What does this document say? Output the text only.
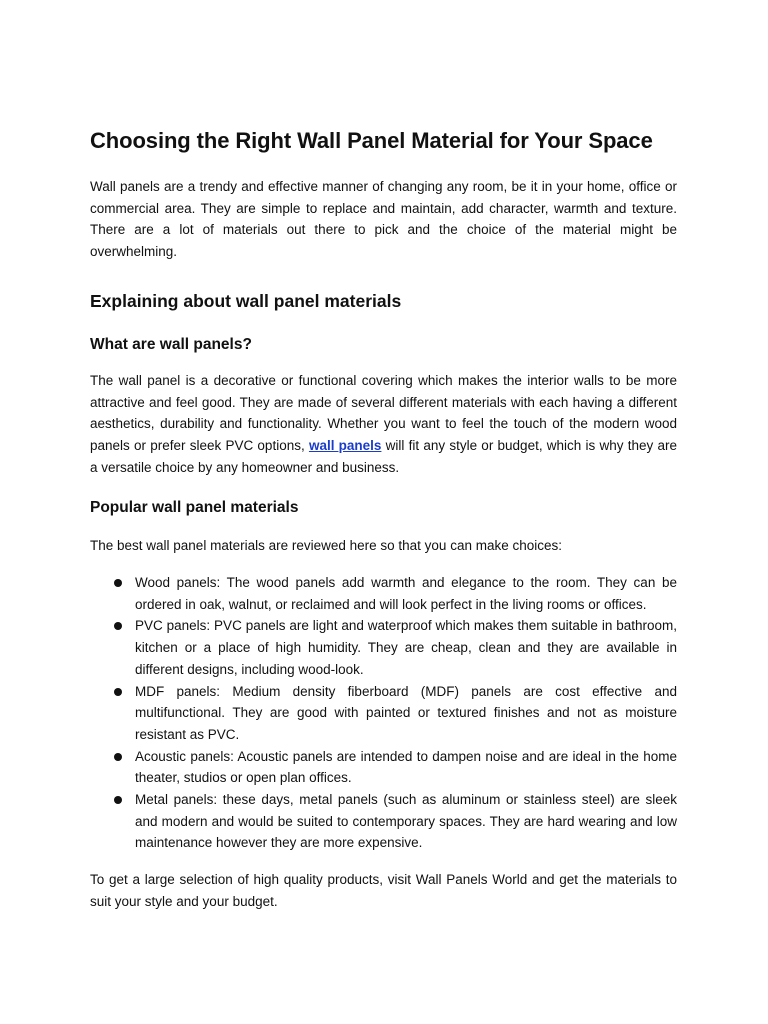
Choosing the Right Wall Panel Material for Your Space

Wall panels are a trendy and effective manner of changing any room, be it in your home, office or commercial area. They are simple to replace and maintain, add character, warmth and texture. There are a lot of materials out there to pick and the choice of the material might be overwhelming.

Explaining about wall panel materials
What are wall panels?

The wall panel is a decorative or functional covering which makes the interior walls to be more attractive and feel good. They are made of several different materials with each having a different aesthetics, durability and functionality. Whether you want to feel the touch of the modern wood panels or prefer sleek PVC options, wall panels will fit any style or budget, which is why they are a versatile choice by any homeowner and business.

Popular wall panel materials

The best wall panel materials are reviewed here so that you can make choices:

Wood panels: The wood panels add warmth and elegance to the room. They can be ordered in oak, walnut, or reclaimed and will look perfect in the living rooms or offices.
PVC panels: PVC panels are light and waterproof which makes them suitable in bathroom, kitchen or a place of high humidity. They are cheap, clean and they are available in different designs, including wood-look.
MDF panels: Medium density fiberboard (MDF) panels are cost effective and multifunctional. They are good with painted or textured finishes and not as moisture resistant as PVC.
Acoustic panels: Acoustic panels are intended to dampen noise and are ideal in the home theater, studios or open plan offices.
Metal panels: these days, metal panels (such as aluminum or stainless steel) are sleek and modern and would be suited to contemporary spaces. They are hard wearing and low maintenance however they are more expensive.

To get a large selection of high quality products, visit Wall Panels World and get the materials to suit your style and your budget.
